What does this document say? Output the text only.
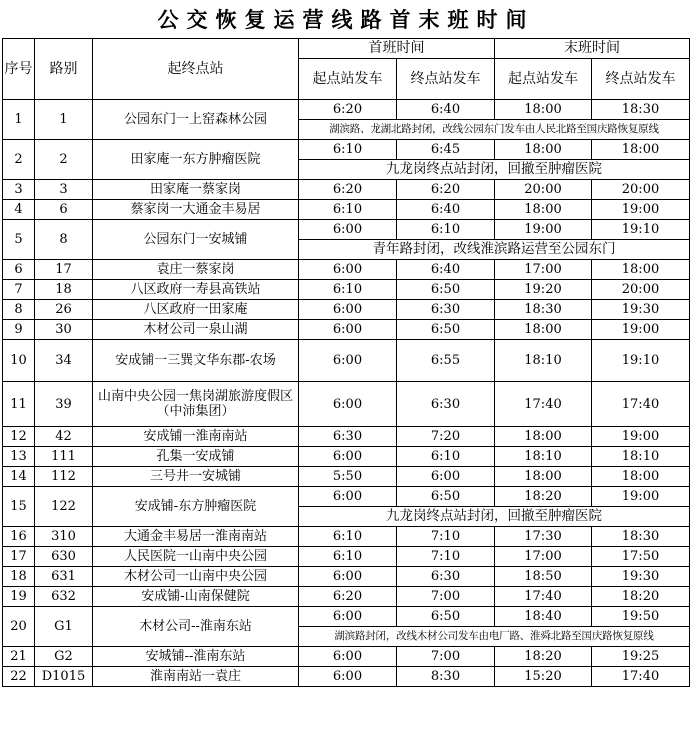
公交恢复运营线路首末班时间
序号	路别	起终点站	首班时间		末班时间	
			起点站发车	终点站发车	起点站发车	终点站发车
1	1	公园东门一上窑森林公园	6:20	6:40	18:00	18:30
			湖滨路、龙湖北路封闭，改线公园东门发车由人民北路至国庆路恢复原线			
2	2	田家庵一东方肿瘤医院	6:10	6:45	18:00	18:00
			九龙岗终点站封闭，回撤至肿瘤医院			
3	3	田家庵一蔡家岗	6:20	6:20	20:00	20:00
4	6	蔡家岗一大通金丰易居	6:10	6:40	18:00	19:00
5	8	公园东门一安城铺	6:00	6:10	19:00	19:10
			青年路封闭，改线淮滨路运营至公园东门			
6	17	袁庄一蔡家岗	6:00	6:40	17:00	18:00
7	18	八区政府一寿县高铁站	6:10	6:50	19:20	20:00
8	26	八区政府一田家庵	6:00	6:30	18:30	19:30
9	30	木材公司一泉山湖	6:00	6:50	18:00	19:00
10	34	安成铺一三巽文华东郡-农场	6:00	6:55	18:10	19:10
11	39	山南中央公园一焦岗湖旅游度假区（中沛集团）	6:00	6:30	17:40	17:40
12	42	安成铺一淮南南站	6:30	7:20	18:00	19:00
13	111	孔集一安成铺	6:00	6:10	18:10	18:10
14	112	三号井一安城铺	5:50	6:00	18:00	18:00
15	122	安成铺-东方肿瘤医院	6:00	6:50	18:20	19:00
			九龙岗终点站封闭，回撤至肿瘤医院			
16	310	大通金丰易居一淮南南站	6:10	7:10	17:30	18:30
17	630	人民医院一山南中央公园	6:10	7:10	17:00	17:50
18	631	木材公司一山南中央公园	6:00	6:30	18:50	19:30
19	632	安成铺-山南保健院	6:20	7:00	17:40	18:20
20	G1	木材公司--淮南东站	6:00	6:50	18:40	19:50
			湖滨路封闭，改线木材公司发车由电厂路、淮舜北路至国庆路恢复原线			
21	G2	安城铺--淮南东站	6:00	7:00	18:20	19:25
22	D1015	淮南南站一袁庄	6:00	8:30	15:20	17:40
